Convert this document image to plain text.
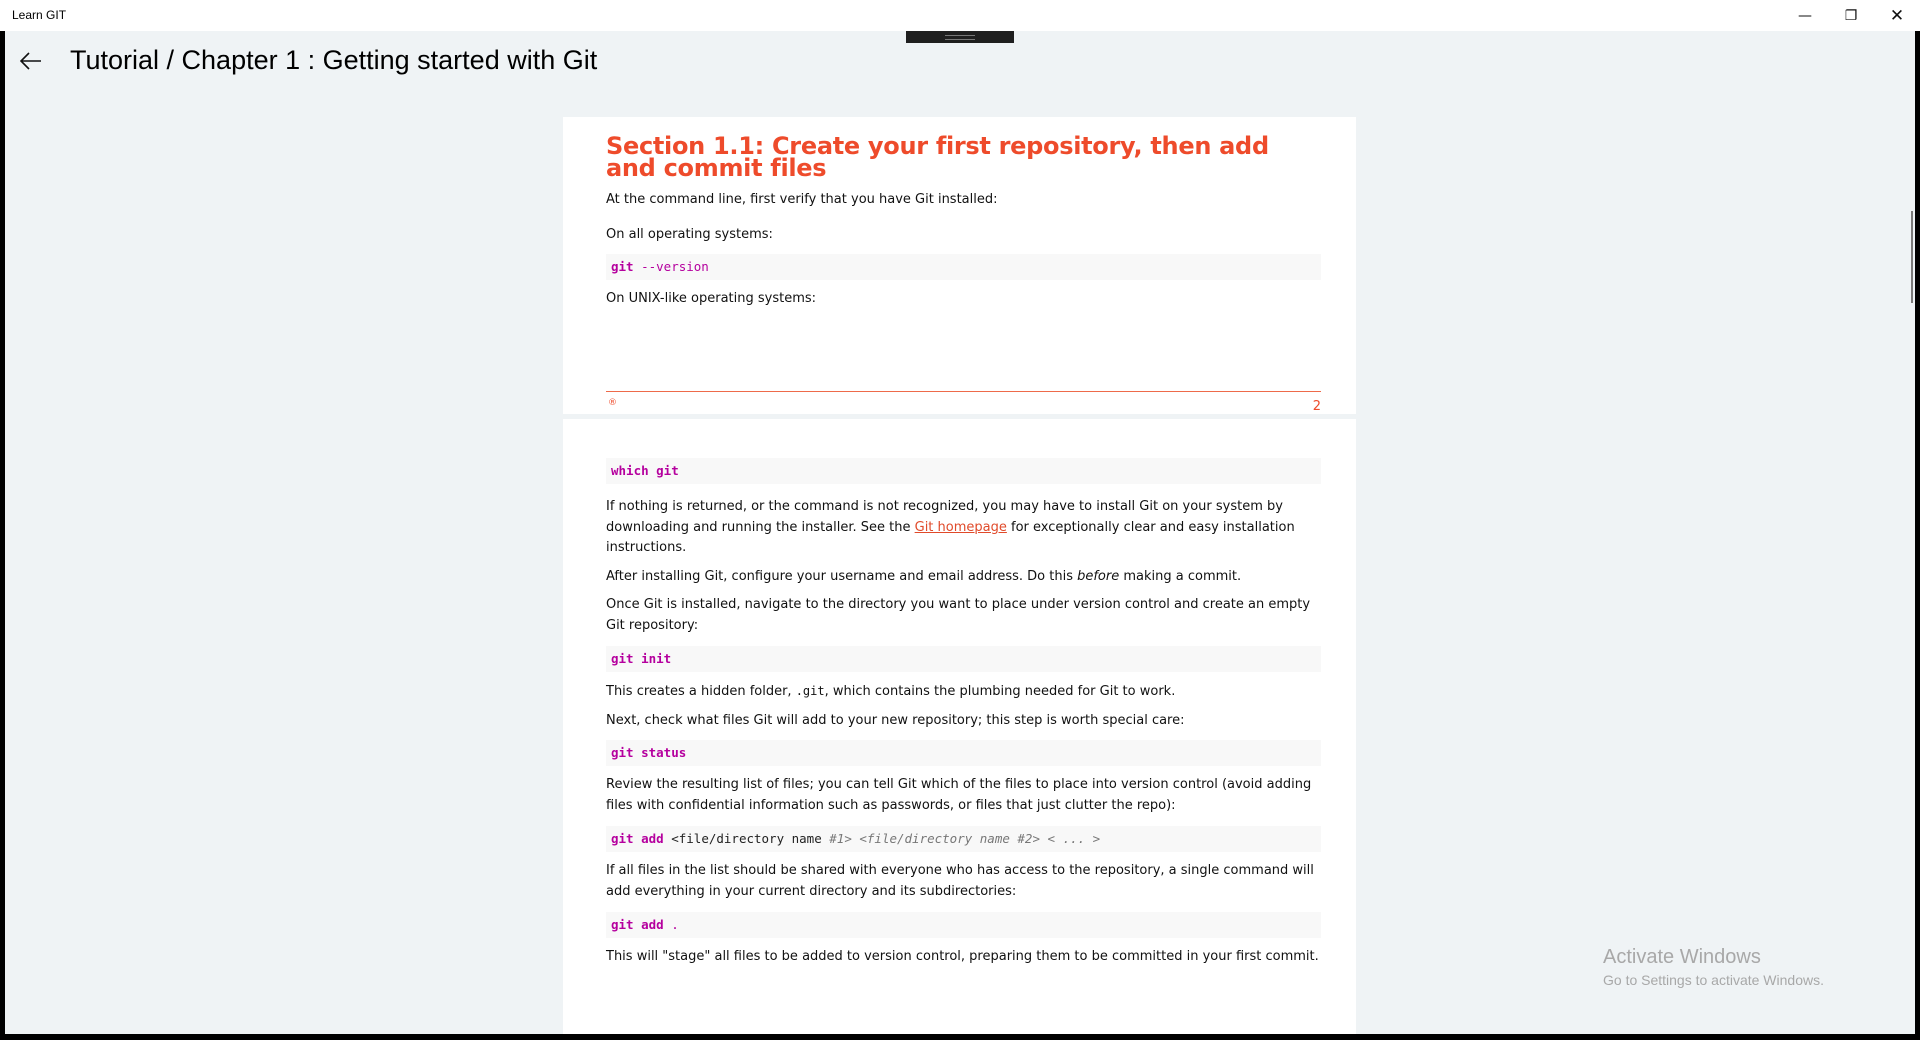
Learn GIT	— ❐ ✕
Tutorial / Chapter 1 : Getting started with Git
Section 1.1: Create your first repository, then add and commit files

At the command line, first verify that you have Git installed:

On all operating systems:

git --version

On UNIX-like operating systems:

®	2
which git

If nothing is returned, or the command is not recognized, you may have to install Git on your system by downloading and running the installer. See the Git homepage for exceptionally clear and easy installation instructions.

After installing Git, configure your username and email address. Do this before making a commit.

Once Git is installed, navigate to the directory you want to place under version control and create an empty Git repository:

git init

This creates a hidden folder, .git, which contains the plumbing needed for Git to work.

Next, check what files Git will add to your new repository; this step is worth special care:

git status

Review the resulting list of files; you can tell Git which of the files to place into version control (avoid adding files with confidential information such as passwords, or files that just clutter the repo):

git add <file/directory name #1> <file/directory name #2> < ... >

If all files in the list should be shared with everyone who has access to the repository, a single command will add everything in your current directory and its subdirectories:

git add .

This will "stage" all files to be added to version control, preparing them to be committed in your first commit.	Activate Windows
Go to Settings to activate Windows.
